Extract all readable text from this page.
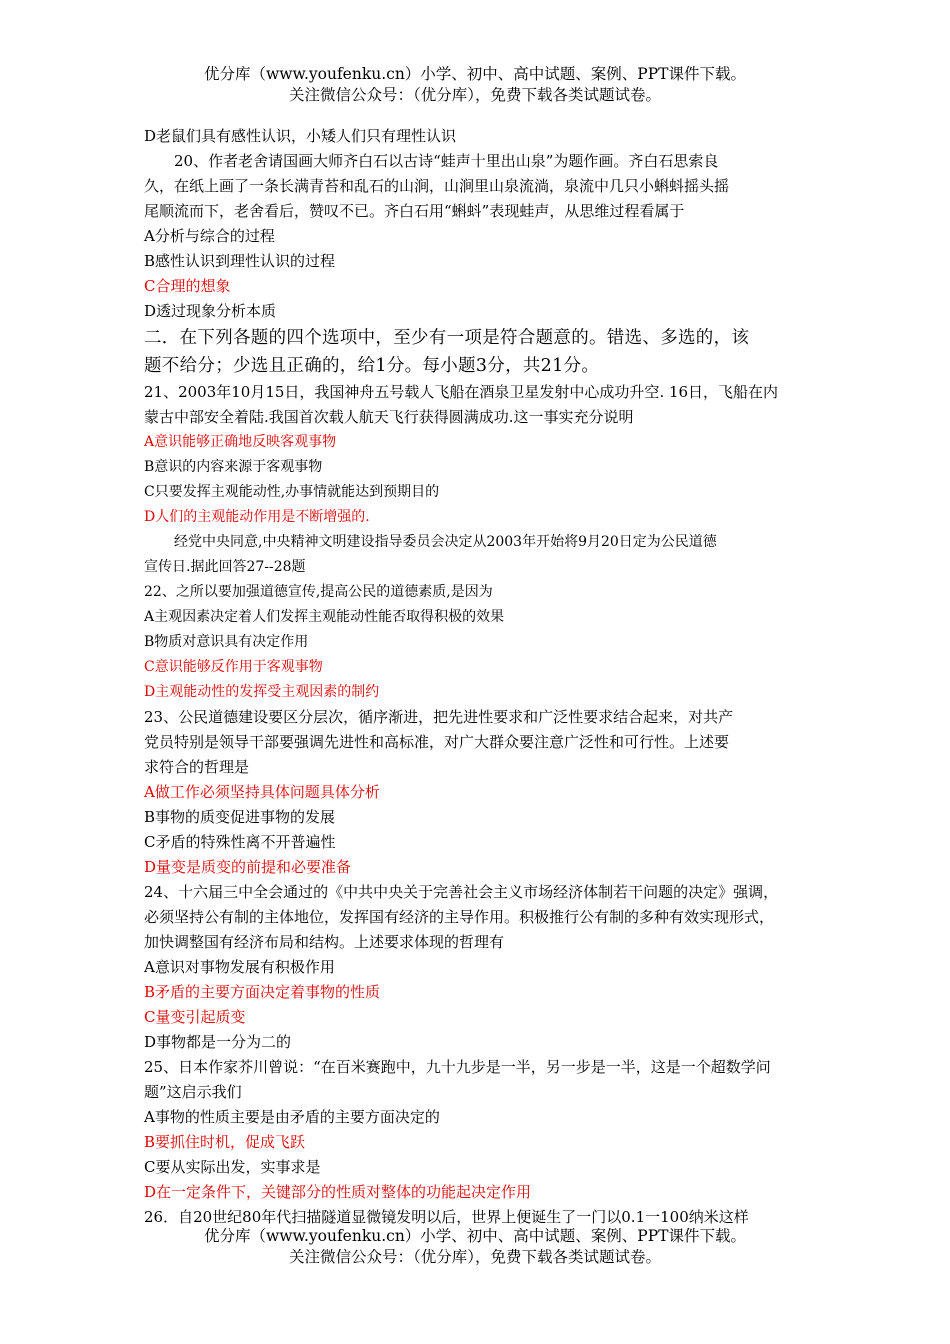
优分库（www.youfenku.cn）小学、初中、高中试题、案例、PPT课件下载。
关注微信公众号：（优分库），免费下载各类试题试卷。
D老鼠们具有感性认识，小矮人们只有理性认识
20、作者老舍请国画大师齐白石以古诗“蛙声十里出山泉”为题作画。齐白石思索良
久，在纸上画了一条长满青苔和乱石的山涧，山涧里山泉流淌，泉流中几只小蝌蚪摇头摇
尾顺流而下，老舍看后，赞叹不已。齐白石用“蝌蚪”表现蛙声，从思维过程看属于
A分析与综合的过程
B感性认识到理性认识的过程
C合理的想象
D透过现象分析本质
二．在下列各题的四个选项中，至少有一项是符合题意的。错选、多选的，该
题不给分；少选且正确的，给1分。每小题3分，共21分。
21、2003年10月15日，我国神舟五号载人飞船在酒泉卫星发射中心成功升空. 16日，飞船在内
蒙古中部安全着陆.我国首次载人航天飞行获得圆满成功.这一事实充分说明
A意识能够正确地反映客观事物
B意识的内容来源于客观事物
C只要发挥主观能动性,办事情就能达到预期目的
D人们的主观能动作用是不断增强的.
经党中央同意,中央精神文明建设指导委员会决定从2003年开始将9月20日定为公民道德
宣传日.据此回答27--28题
22、之所以要加强道德宣传,提高公民的道德素质,是因为
A主观因素决定着人们发挥主观能动性能否取得积极的效果
B物质对意识具有决定作用
C意识能够反作用于客观事物
D主观能动性的发挥受主观因素的制约
23、公民道德建设要区分层次，循序渐进，把先进性要求和广泛性要求结合起来，对共产
党员特别是领导干部要强调先进性和高标准，对广大群众要注意广泛性和可行性。上述要
求符合的哲理是
A做工作必须坚持具体问题具体分析
B事物的质变促进事物的发展
C矛盾的特殊性离不开普遍性
D量变是质变的前提和必要准备
24、十六届三中全会通过的《中共中央关于完善社会主义市场经济体制若干问题的决定》强调，
必须坚持公有制的主体地位，发挥国有经济的主导作用。积极推行公有制的多种有效实现形式，
加快调整国有经济布局和结构。上述要求体现的哲理有
A意识对事物发展有积极作用
B矛盾的主要方面决定着事物的性质
C量变引起质变
D事物都是一分为二的
25、日本作家芥川曾说：“在百米赛跑中，九十九步是一半，另一步是一半，这是一个超数学问
题”这启示我们
A事物的性质主要是由矛盾的主要方面决定的
B要抓住时机，促成飞跃
C要从实际出发，实事求是
D在一定条件下，关键部分的性质对整体的功能起决定作用
26．自20世纪80年代扫描隧道显微镜发明以后，世界上便诞生了一门以0.1一100纳米这样
优分库（www.youfenku.cn）小学、初中、高中试题、案例、PPT课件下载。
关注微信公众号：（优分库），免费下载各类试题试卷。
